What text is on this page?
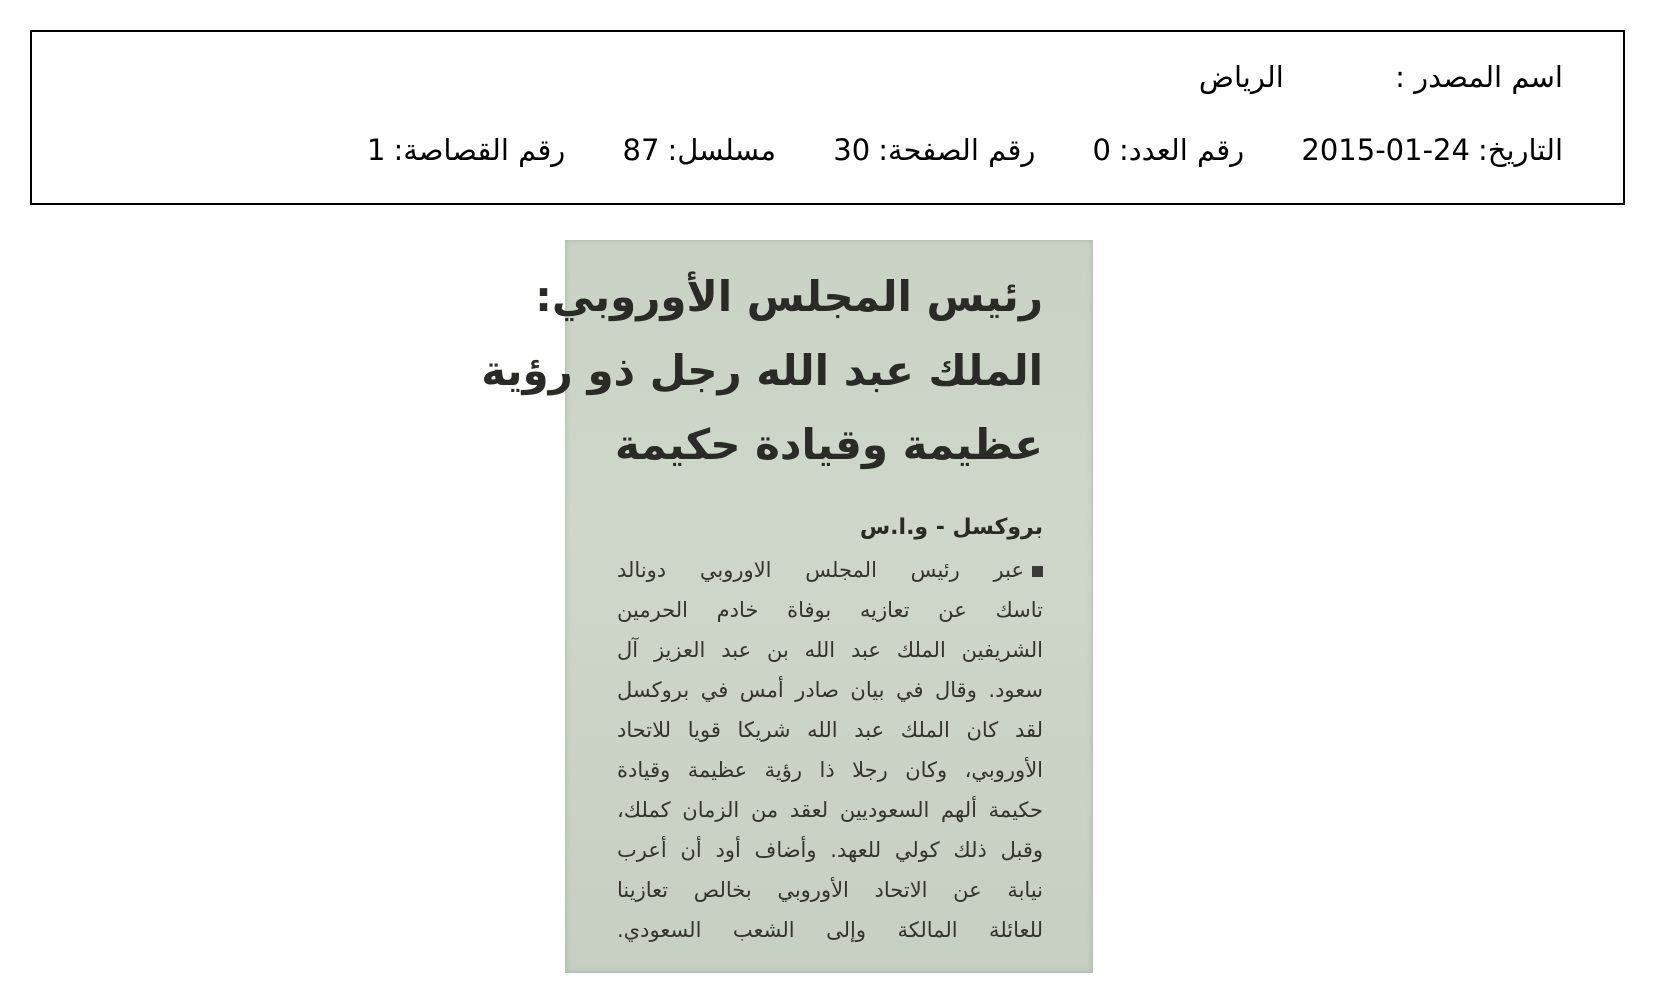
اسم المصدر : الرياض
التاريخ:2015-01-24 رقم العدد:0 رقم الصفحة:30 مسلسل:87 رقم القصاصة:1
رئيس المجلس الأوروبي:
الملك عبد الله رجل ذو رؤية
عظيمة وقيادة حكيمة
بروكسل - و.ا.س
عبر رئيس المجلس الاوروبي دونالد
تاسك عن تعازيه بوفاة خادم الحرمين
الشريفين الملك عبد الله بن عبد العزيز آل
سعود. وقال في بيان صادر أمس في بروكسل
لقد كان الملك عبد الله شريكا قويا للاتحاد
الأوروبي، وكان رجلا ذا رؤية عظيمة وقيادة
حكيمة ألهم السعوديين لعقد من الزمان كملك،
وقبل ذلك كولي للعهد. وأضاف أود أن أعرب
نيابة عن الاتحاد الأوروبي بخالص تعازينا
للعائلة المالكة وإلى الشعب السعودي.
